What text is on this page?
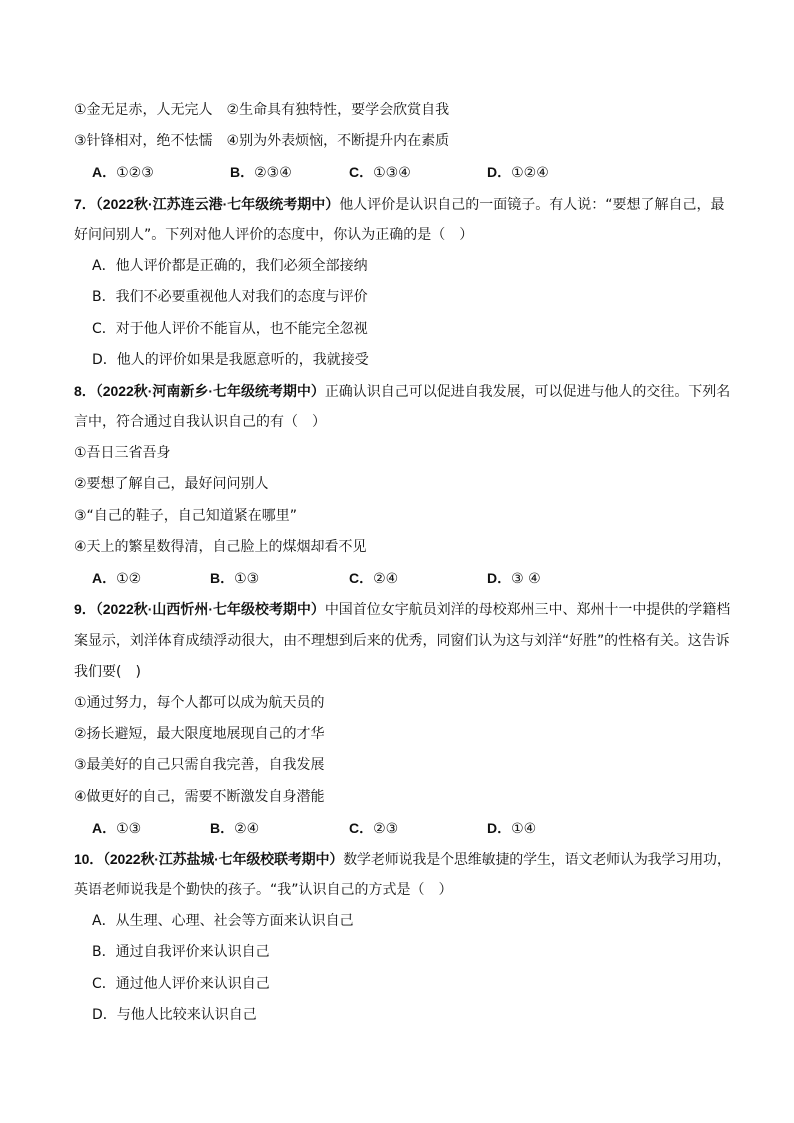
①金无足赤，人无完人　②生命具有独特性，要学会欣赏自我
③针锋相对，绝不怯懦　④别为外表烦恼，不断提升内在素质
A．①②③	B．②③④	C．①③④	D．①②④
7．（2022秋·江苏连云港·七年级统考期中）他人评价是认识自己的一面镜子。有人说：“要想了解自己，最
好问问别人”。下列对他人评价的态度中，你认为正确的是（　）
A．他人评价都是正确的，我们必须全部接纳
B．我们不必要重视他人对我们的态度与评价
C．对于他人评价不能盲从，也不能完全忽视
D．他人的评价如果是我愿意听的，我就接受
8．（2022秋·河南新乡·七年级统考期中）正确认识自己可以促进自我发展，可以促进与他人的交往。下列名
言中，符合通过自我认识自己的有（　）
①吾日三省吾身
②要想了解自己，最好问问别人
③“自己的鞋子，自己知道紧在哪里”
④天上的繁星数得清，自己脸上的煤烟却看不见
A．①②	B．①③	C．②④	D．③ ④
9．（2022秋·山西忻州·七年级校考期中）中国首位女宇航员刘洋的母校郑州三中、郑州十一中提供的学籍档
案显示，刘洋体育成绩浮动很大，由不理想到后来的优秀，同窗们认为这与刘洋“好胜”的性格有关。这告诉
我们要(　)
①通过努力，每个人都可以成为航天员的
②扬长避短，最大限度地展现自己的才华
③最美好的自己只需自我完善，自我发展
④做更好的自己，需要不断激发自身潜能
A．①③	B．②④	C．②③	D．①④
10．（2022秋·江苏盐城·七年级校联考期中）数学老师说我是个思维敏捷的学生，语文老师认为我学习用功，
英语老师说我是个勤快的孩子。“我”认识自己的方式是（　）
A．从生理、心理、社会等方面来认识自己
B．通过自我评价来认识自己
C．通过他人评价来认识自己
D．与他人比较来认识自己
